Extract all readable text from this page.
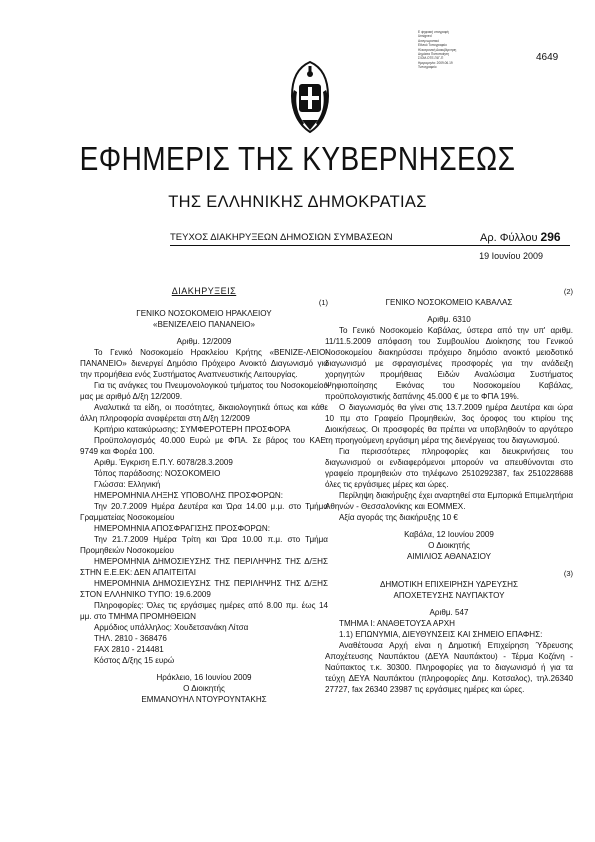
Ε ψηφιακή υπογραφή
Unsigned
Αναγνωριστικό
Εθνικό Τυπογραφείο
Ηλεκτρονική Διακυβέρνηση
Δημόσια Πιστοποίηση
Σ/ΟΜ-ΟΤΕ-Γ6Γ-Π
Ημερομηνία: 2009.06.19
Τυπογραφείο
4649
ΕΦΗΜΕΡΙΣ ΤΗΣ ΚΥΒΕΡΝΗΣΕΩΣ
ΤΗΣ ΕΛΛΗΝΙΚΗΣ ΔΗΜΟΚΡΑΤΙΑΣ
ΤΕΥΧΟΣ ΔΙΑΚΗΡΥΞΕΩΝ ΔΗΜΟΣΙΩΝ ΣΥΜΒΑΣΕΩΝ	Αρ. Φύλλου 296
19 Ιουνίου 2009

ΔΙΑΚΗΡΥΞΕΙΣ

(1)

ΓΕΝΙΚΟ ΝΟΣΟΚΟΜΕΙΟ ΗΡΑΚΛΕΙΟΥ

«ΒΕΝΙΖΕΛΕΙΟ ΠΑΝΑΝΕΙΟ»

Αριθμ. 12/2009

Το Γενικό Νοσοκομείο Ηρακλείου Κρήτης «ΒΕΝΙΖΕ-ΛΕΙΟ- ΠΑΝΑΝΕΙΟ» διενεργεί Δημόσιο Πρόχειρο Ανοικτό Διαγωνισμό για την προμήθεια ενός Συστήματος Αναπνευστικής Λειτουργίας.

Για τις ανάγκες του Πνευμονολογικού τμήματος του Νοσοκομείου μας με αριθμό Δ/ξη 12/2009.

Αναλυτικά τα είδη, οι ποσότητες, δικαιολογητικά όπως και κάθε άλλη πληροφορία αναφέρεται στη Δ/ξη 12/2009

Κριτήριο κατακύρωσης: ΣΥΜΦΕΡΟΤΕΡΗ ΠΡΟΣΦΟΡΑ

Προϋπολογισμός 40.000 Ευρώ με ΦΠΑ. Σε βάρος του ΚΑΕ: 9749 και Φορέα 100.

Αριθμ. Έγκριση Ε.Π.Υ. 6078/28.3.2009

Τόπος παράδοσης: ΝΟΣΟΚΟΜΕΙΟ

Γλώσσα: Ελληνική

ΗΜΕΡΟΜΗΝΙΑ ΛΗΞΗΣ ΥΠΟΒΟΛΗΣ ΠΡΟΣΦΟΡΩΝ:

Την 20.7.2009 Ημέρα Δευτέρα και Ώρα 14.00 μ.μ. στο Τμήμα Γραμματείας Νοσοκομείου

ΗΜΕΡΟΜΗΝΙΑ ΑΠΟΣΦΡΑΓΙΣΗΣ ΠΡΟΣΦΟΡΩΝ:

Την 21.7.2009 Ημέρα Τρίτη και Ώρα 10.00 π.μ. στο Τμήμα Προμηθειών Νοσοκομείου

ΗΜΕΡΟΜΗΝΙΑ ΔΗΜΟΣΙΕΥΣΗΣ ΤΗΣ ΠΕΡΙΛΗΨΗΣ ΤΗΣ Δ/ΞΗΣ ΣΤΗΝ Ε.Ε.ΕΚ: ΔΕΝ ΑΠΑΙΤΕΙΤΑΙ

ΗΜΕΡΟΜΗΝΙΑ ΔΗΜΟΣΙΕΥΣΗΣ ΤΗΣ ΠΕΡΙΛΗΨΗΣ ΤΗΣ Δ/ΞΗΣ ΣΤΟΝ ΕΛΛΗΝΙΚΟ ΤΥΠΟ: 19.6.2009

Πληροφορίες: Όλες τις εργάσιμες ημέρες από 8.00 πμ. έως 14 μμ. στο ΤΜΗΜΑ ΠΡΟΜΗΘΕΙΩΝ

Αρμόδιος υπάλληλος: Χουδετσανάκη Λίτσα

ΤΗΛ. 2810 - 368476

FAX 2810 - 214481

Κόστος Δ/ξης 15 ευρώ

Ηράκλειο, 16 Ιουνίου 2009

Ο Διοικητής

ΕΜΜΑΝΟΥΗΛ ΝΤΟΥΡΟΥΝΤΑΚΗΣ

(2)

ΓΕΝΙΚΟ ΝΟΣΟΚΟΜΕΙΟ ΚΑΒΑΛΑΣ

Αριθμ. 6310

Το Γενικό Νοσοκομείο Καβάλας, ύστερα από την υπ' αριθμ. 11/11.5.2009 απόφαση του Συμβουλίου Διοίκησης του Γενικού Νοσοκομείου διακηρύσσει πρόχειρο δημόσιο ανοικτό μειοδοτικό διαγωνισμό με σφραγισμένες προσφορές για την ανάδειξη χορηγητών προμήθειας Ειδών Αναλώσιμα Συστήματος Ψηφιοποίησης Εικόνας του Νοσοκομείου Καβάλας, προϋπολογιστικής δαπάνης 45.000 € με το ΦΠΑ 19%.

Ο διαγωνισμός θα γίνει στις 13.7.2009 ημέρα Δευτέρα και ώρα 10 πμ στο Γραφείο Προμηθειών, 3ος όροφος του κτιρίου της Διοικήσεως. Οι προσφορές θα πρέπει να υποβληθούν το αργότερο τη προηγούμενη εργάσιμη μέρα της διενέργειας του διαγωνισμού.

Για περισσότερες πληροφορίες και διευκρινήσεις του διαγωνισμού οι ενδιαφερόμενοι μπορούν να απευθύνονται στο γραφείο προμηθειών στο τηλέφωνο 2510292387, fax 2510228688 όλες τις εργάσιμες μέρες και ώρες.

Περίληψη διακήρυξης έχει αναρτηθεί στα Εμπορικά Επιμελητήρια Αθηνών - Θεσσαλονίκης και ΕΟΜΜΕΧ.

Αξία αγοράς της διακήρυξης 10 €

Καβάλα, 12 Ιουνίου 2009

Ο Διοικητής

ΑΙΜΙΛΙΟΣ ΑΘΑΝΑΣΙΟΥ

(3)

ΔΗΜΟΤΙΚΗ ΕΠΙΧΕΙΡΗΣΗ ΥΔΡΕΥΣΗΣ

ΑΠΟΧΕΤΕΥΣΗΣ ΝΑΥΠΑΚΤΟΥ

Αριθμ. 547

ΤΜΗΜΑ Ι: ΑΝΑΘΕΤΟΥΣΑ ΑΡΧΗ

1.1) ΕΠΩΝΥΜΙΑ, ΔΙΕΥΘΥΝΣΕΙΣ ΚΑΙ ΣΗΜΕΙΟ ΕΠΑΦΗΣ:

Αναθέτουσα Αρχή είναι η Δημοτική Επιχείρηση Ύδρευσης Αποχέτευσης Ναυπάκτου (ΔΕΥΑ Ναυπάκτου) - Τέρμα Κοζάνη - Ναύπακτος τ.κ. 30300. Πληροφορίες για το διαγωνισμό ή για τα τεύχη ΔΕΥΑ Ναυπάκτου (πληροφορίες Δημ. Κοτσαλος), τηλ.26340 27727, fax 26340 23987 τις εργάσιμες ημέρες και ώρες.
